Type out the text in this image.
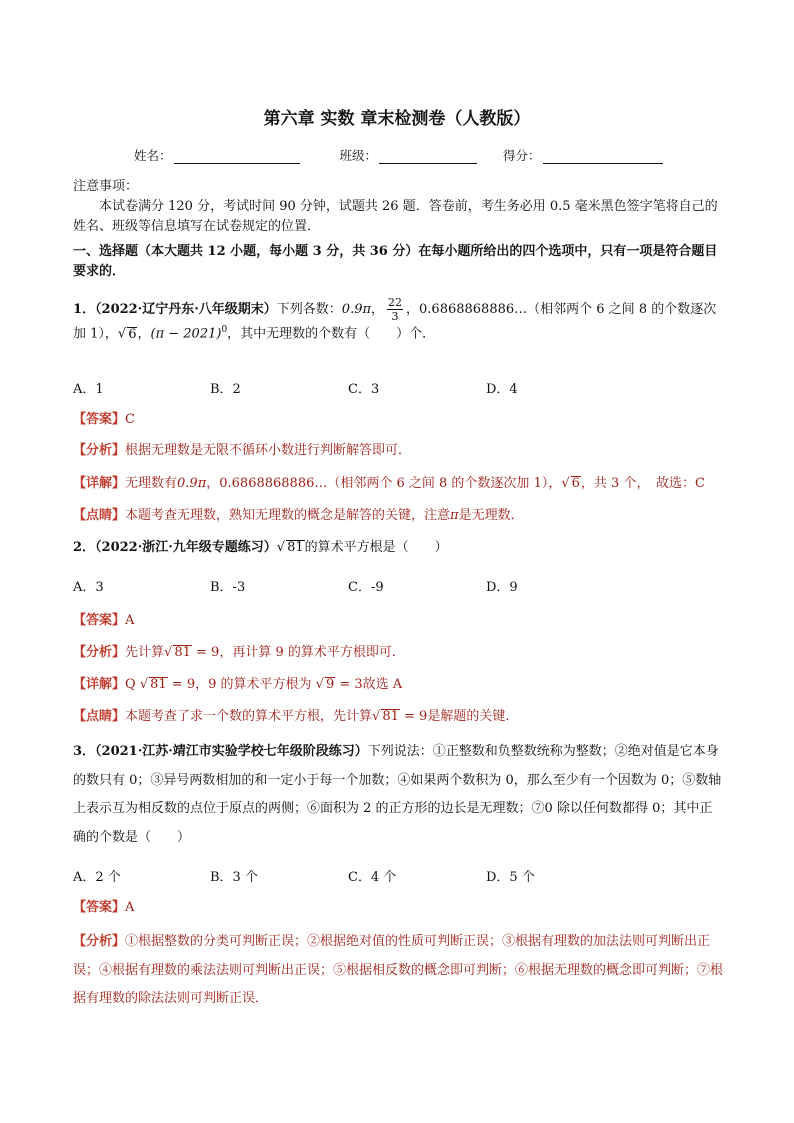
第六章 实数 章末检测卷（人教版）
姓名：	班级：	得分：
注意事项：
本试卷满分 120 分，考试时间 90 分钟，试题共 26 题．答卷前，考生务必用 0.5 毫米黑色签字笔将自己的姓名、班级等信息填写在试卷规定的位置．
一、选择题（本大题共 12 小题，每小题 3 分，共 36 分）在每小题所给出的四个选项中，只有一项是符合题目要求的．
1．（2022·辽宁丹东·八年级期末）下列各数：0.9π， $\frac{22}{3}$ ，0.6868868886…（相邻两个 6 之间 8 的个数逐次加 1），√ 6，$(\pi - 2021)^0$，其中无理数的个数有（　　）个．
A．1	B．2	C．3	D．4
【答案】C
【分析】根据无理数是无限不循环小数进行判断解答即可．
【详解】无理数有0.9π，0.6868868886…（相邻两个 6 之间 8 的个数逐次加 1），√ 6，共 3 个，　故选：C
【点睛】本题考查无理数，熟知无理数的概念是解答的关键，注意π是无理数．
2．（2022·浙江·九年级专题练习）√ 81的算术平方根是（　　）
A．3	B．-3	C．-9	D．9
【答案】A
【分析】先计算√ 81 = 9，再计算 9 的算术平方根即可．
【详解】Q √ 81 = 9，9 的算术平方根为 √ 9 = 3故选 A
【点睛】本题考查了求一个数的算术平方根，先计算√ 81 = 9是解题的关键．
3．（2021·江苏·靖江市实验学校七年级阶段练习）下列说法：①正整数和负整数统称为整数；②绝对值是它本身的数只有 0；③异号两数相加的和一定小于每一个加数；④如果两个数积为 0，那么至少有一个因数为 0；⑤数轴上表示互为相反数的点位于原点的两侧；⑥面积为 2 的正方形的边长是无理数；⑦0 除以任何数都得 0；其中正确的个数是（　　）
A．2 个	B．3 个	C．4 个	D．5 个
【答案】A
【分析】①根据整数的分类可判断正误；②根据绝对值的性质可判断正误；③根据有理数的加法法则可判断出正误；④根据有理数的乘法法则可判断出正误；⑤根据相反数的概念即可判断；⑥根据无理数的概念即可判断；⑦根据有理数的除法法则可判断正误．
